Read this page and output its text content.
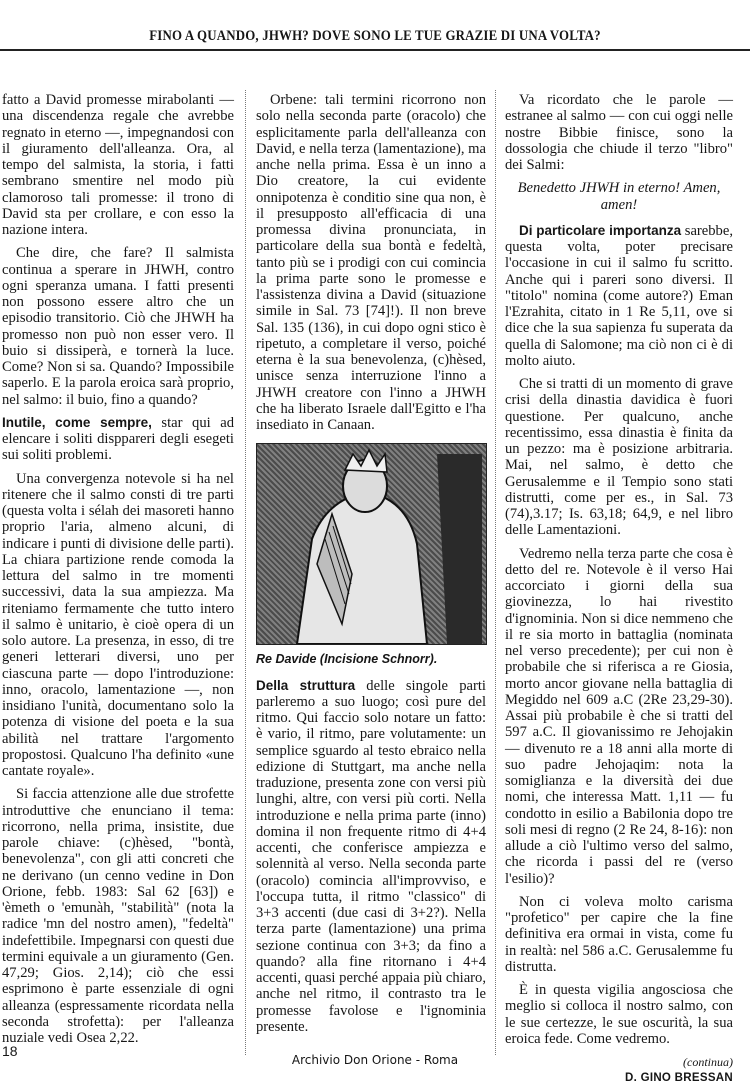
FINO A QUANDO, JHWH? DOVE SONO LE TUE GRAZIE DI UNA VOLTA?

fatto a David promesse mirabolanti — una discendenza regale che avrebbe regnato in eterno —, impegnandosi con il giuramento dell'alleanza. Ora, al tempo del salmista, la storia, i fatti sembrano smentire nel modo più clamoroso tali promesse: il trono di David sta per crollare, e con esso la nazione intera.

Che dire, che fare? Il salmista continua a sperare in JHWH, contro ogni speranza umana. I fatti presenti non possono essere altro che un episodio transitorio. Ciò che JHWH ha promesso non può non esser vero. Il buio si dissiperà, e tornerà la luce. Come? Non si sa. Quando? Impossibile saperlo. E la parola eroica sarà proprio, nel salmo: il buio, fino a quando?

Inutile, come sempre, star qui ad elencare i soliti disppareri degli esegeti sui soliti problemi.

Una convergenza notevole si ha nel ritenere che il salmo consti di tre parti (questa volta i sélah dei masoreti hanno proprio l'aria, almeno alcuni, di indicare i punti di divisione delle parti). La chiara partizione rende comoda la lettura del salmo in tre momenti successivi, data la sua ampiezza. Ma riteniamo fermamente che tutto intero il salmo è unitario, è cioè opera di un solo autore. La presenza, in esso, di tre generi letterari diversi, uno per ciascuna parte — dopo l'introduzione: inno, oracolo, lamentazione —, non insidiano l'unità, documentano solo la potenza di visione del poeta e la sua abilità nel trattare l'argomento propostosi. Qualcuno l'ha definito «une cantate royale».

Si faccia attenzione alle due strofette introduttive che enunciano il tema: ricorrono, nella prima, insistite, due parole chiave: (c)hèsed, "bontà, benevolenza", con gli atti concreti che ne derivano (un cenno vedine in Don Orione, febb. 1983: Sal 62 [63]) e 'èmeth o 'emunàh, "stabilità" (nota la radice 'mn del nostro amen), "fedeltà" indefettibile. Impegnarsi con questi due termini equivale a un giuramento (Gen. 47,29; Gios. 2,14); ciò che essi esprimono è parte essenziale di ogni alleanza (espressamente ricordata nella seconda strofetta): per l'alleanza nuziale vedi Osea 2,22.

Orbene: tali termini ricorrono non solo nella seconda parte (oracolo) che esplicitamente parla dell'alleanza con David, e nella terza (lamentazione), ma anche nella prima. Essa è un inno a Dio creatore, la cui evidente onnipotenza è conditio sine qua non, è il presupposto all'efficacia di una promessa divina pronunciata, in particolare della sua bontà e fedeltà, tanto più se i prodigi con cui comincia la prima parte sono le promesse e l'assistenza divina a David (situazione simile in Sal. 73 [74]!). Il non breve Sal. 135 (136), in cui dopo ogni stico è ripetuto, a completare il verso, poiché eterna è la sua benevolenza, (c)hèsed, unisce senza interruzione l'inno a JHWH creatore con l'inno a JHWH che ha liberato Israele dall'Egitto e l'ha insediato in Canaan.

Re Davide (Incisione Schnorr).

Della struttura delle singole parti parleremo a suo luogo; così pure del ritmo. Qui faccio solo notare un fatto: è vario, il ritmo, pare volutamente: un semplice sguardo al testo ebraico nella edizione di Stuttgart, ma anche nella traduzione, presenta zone con versi più lunghi, altre, con versi più corti. Nella introduzione e nella prima parte (inno) domina il non frequente ritmo di 4+4 accenti, che conferisce ampiezza e solennità al verso. Nella seconda parte (oracolo) comincia all'improvviso, e l'occupa tutta, il ritmo "classico" di 3+3 accenti (due casi di 3+2?). Nella terza parte (lamentazione) una prima sezione continua con 3+3; da fino a quando? alla fine ritornano i 4+4 accenti, quasi perché appaia più chiaro, anche nel ritmo, il contrasto tra le promesse favolose e l'ignominia presente.

Va ricordato che le parole — estranee al salmo — con cui oggi nelle nostre Bibbie finisce, sono la dossologia che chiude il terzo "libro" dei Salmi:

Benedetto JHWH in eterno! Amen, amen!

Di particolare importanza sarebbe, questa volta, poter precisare l'occasione in cui il salmo fu scritto. Anche qui i pareri sono diversi. Il "titolo" nomina (come autore?) Eman l'Ezrahita, citato in 1 Re 5,11, ove si dice che la sua sapienza fu superata da quella di Salomone; ma ciò non ci è di molto aiuto.

Che si tratti di un momento di grave crisi della dinastia davidica è fuori questione. Per qualcuno, anche recentissimo, essa dinastia è finita da un pezzo: ma è posizione arbitraria. Mai, nel salmo, è detto che Gerusalemme e il Tempio sono stati distrutti, come per es., in Sal. 73 (74),3.17; Is. 63,18; 64,9, e nel libro delle Lamentazioni.

Vedremo nella terza parte che cosa è detto del re. Notevole è il verso Hai accorciato i giorni della sua giovinezza, lo hai rivestito d'ignominia. Non si dice nemmeno che il re sia morto in battaglia (nominata nel verso precedente); per cui non è probabile che si riferisca a re Giosia, morto ancor giovane nella battaglia di Megiddo nel 609 a.C (2Re 23,29-30). Assai più probabile è che si tratti del 597 a.C. Il giovanissimo re Jehojakin — divenuto re a 18 anni alla morte di suo padre Jehojaqim: nota la somiglianza e la diversità dei due nomi, che interessa Matt. 1,11 — fu condotto in esilio a Babilonia dopo tre soli mesi di regno (2 Re 24, 8-16): non allude a ciò l'ultimo verso del salmo, che ricorda i passi del re (verso l'esilio)?

Non ci voleva molto carisma "profetico" per capire che la fine definitiva era ormai in vista, come fu in realtà: nel 586 a.C. Gerusalemme fu distrutta.

È in questa vigilia angosciosa che meglio si colloca il nostro salmo, con le sue certezze, le sue oscurità, la sua eroica fede. Come vedremo.

(continua)
D. GINO BRESSAN
18
Archivio Don Orione - Roma
